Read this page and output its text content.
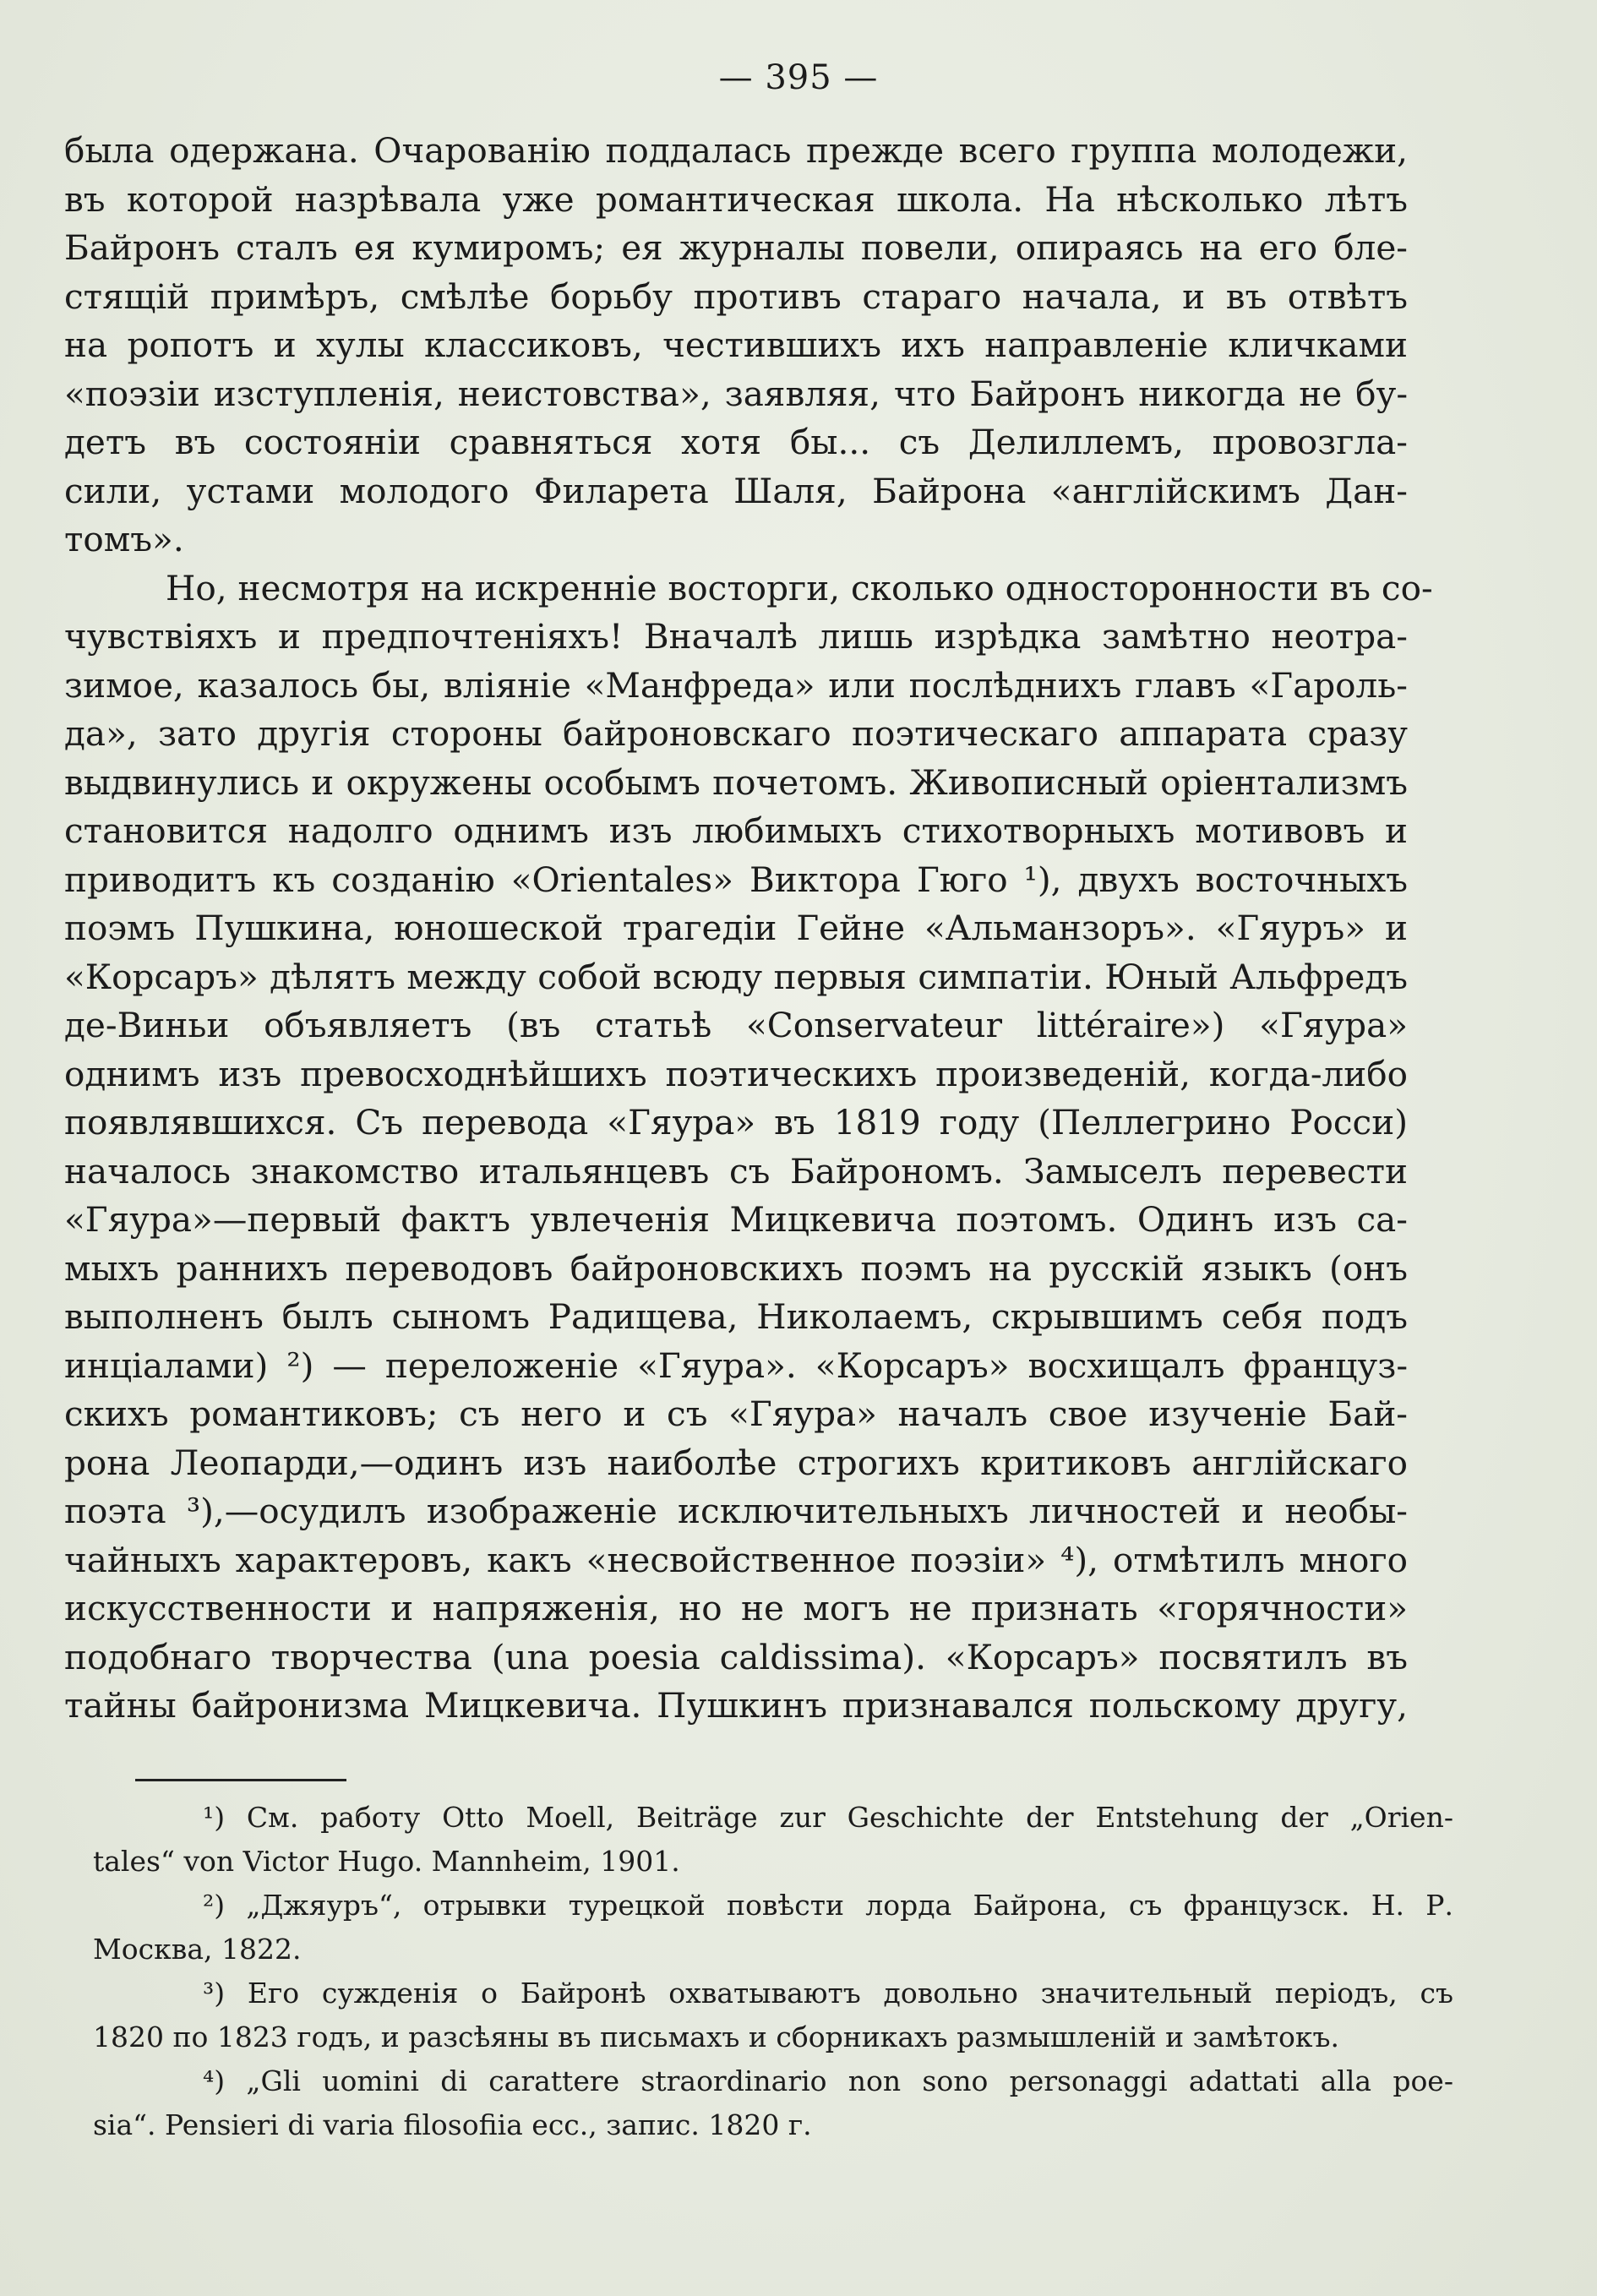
— 395 —
была одержана. Очарованію поддалась прежде всего группа молодежи,
въ которой назрѣвала уже романтическая школа. На нѣсколько лѣтъ
Байронъ сталъ ея кумиромъ; ея журналы повели, опираясь на его бле-
стящій примѣръ, смѣлѣе борьбу противъ стараго начала, и въ отвѣтъ
на ропотъ и хулы классиковъ, честившихъ ихъ направленіе кличками
«поэзіи изступленія, неистовства», заявляя, что Байронъ никогда не бу-
детъ въ состояніи сравняться хотя бы... съ Делиллемъ, провозгла-
сили, устами молодого Филарета Шаля, Байрона «англійскимъ Дан-
томъ».
Но, несмотря на искренніе восторги, сколько односторонности въ со-
чувствіяхъ и предпочтеніяхъ! Вначалѣ лишь изрѣдка замѣтно неотра-
зимое, казалось бы, вліяніе «Манфреда» или послѣднихъ главъ «Гароль-
да», зато другія стороны байроновскаго поэтическаго аппарата сразу
выдвинулись и окружены особымъ почетомъ. Живописный оріентализмъ
становится надолго однимъ изъ любимыхъ стихотворныхъ мотивовъ и
приводитъ къ созданію «Orientales» Виктора Гюго ¹), двухъ восточныхъ
поэмъ Пушкина, юношеской трагедіи Гейне «Альманзоръ». «Гяуръ» и
«Корсаръ» дѣлятъ между собой всюду первыя симпатіи. Юный Альфредъ
де-Виньи объявляетъ (въ статьѣ «Conservateur littéraire») «Гяура»
однимъ изъ превосходнѣйшихъ поэтическихъ произведеній, когда-либо
появлявшихся. Съ перевода «Гяура» въ 1819 году (Пеллегрино Росси)
началось знакомство итальянцевъ съ Байрономъ. Замыселъ перевести
«Гяура»—первый фактъ увлеченія Мицкевича поэтомъ. Одинъ изъ са-
мыхъ раннихъ переводовъ байроновскихъ поэмъ на русскій языкъ (онъ
выполненъ былъ сыномъ Радищева, Николаемъ, скрывшимъ себя подъ
инціалами) ²) — переложеніе «Гяура». «Корсаръ» восхищалъ француз-
скихъ романтиковъ; съ него и съ «Гяура» началъ свое изученіе Бай-
рона Леопарди,—одинъ изъ наиболѣе строгихъ критиковъ англійскаго
поэта ³),—осудилъ изображеніе исключительныхъ личностей и необы-
чайныхъ характеровъ, какъ «несвойственное поэзіи» ⁴), отмѣтилъ много
искусственности и напряженія, но не могъ не признать «горячности»
подобнаго творчества (una poesia caldissima). «Корсаръ» посвятилъ въ
тайны байронизма Мицкевича. Пушкинъ признавался польскому другу,
¹) См. работу Otto Moell, Beiträge zur Geschichte der Entstehung der „Orien-
tales“ von Victor Hugo. Mannheim, 1901.
²) „Джяуръ“, отрывки турецкой повѣсти лорда Байрона, съ французск. Н. Р.
Москва, 1822.
³) Его сужденія о Байронѣ охватываютъ довольно значительный періодъ, съ
1820 по 1823 годъ, и разсѣяны въ письмахъ и сборникахъ размышленій и замѣтокъ.
⁴) „Gli uomini di carattere straordinario non sono personaggi adattati alla poe-
sia“. Pensieri di varia filosofiia ecc., запис. 1820 г.
